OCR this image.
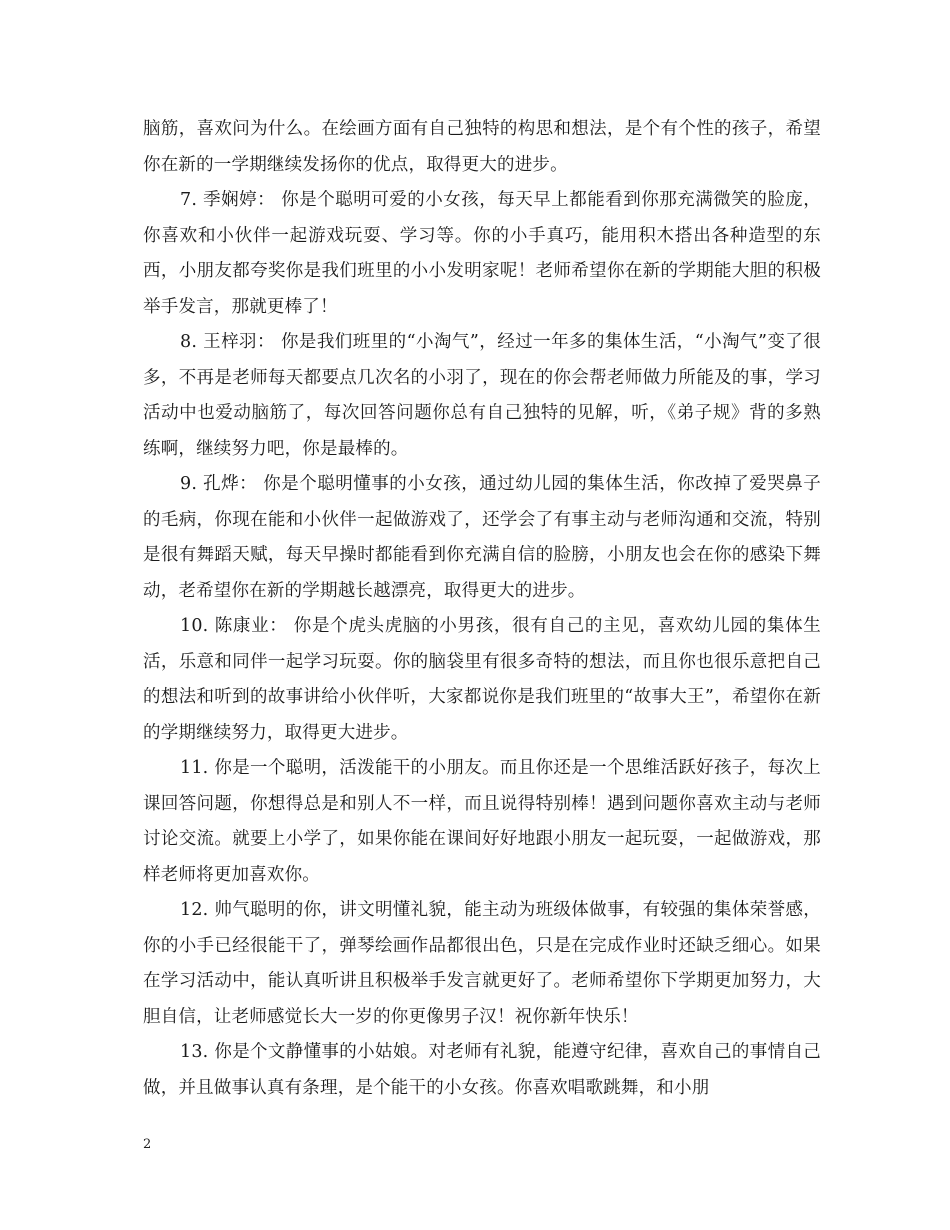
脑筋，喜欢问为什么。在绘画方面有自己独特的构思和想法，是个有个性的孩子，希望你在新的一学期继续发扬你的优点，取得更大的进步。

7. 季娴婷： 你是个聪明可爱的小女孩，每天早上都能看到你那充满微笑的脸庞，你喜欢和小伙伴一起游戏玩耍、学习等。你的小手真巧，能用积木搭出各种造型的东西，小朋友都夸奖你是我们班里的小小发明家呢！老师希望你在新的学期能大胆的积极举手发言，那就更棒了！

8. 王梓羽： 你是我们班里的“小淘气”，经过一年多的集体生活，“小淘气”变了很多，不再是老师每天都要点几次名的小羽了，现在的你会帮老师做力所能及的事，学习活动中也爱动脑筋了，每次回答问题你总有自己独特的见解，听，《弟子规》背的多熟练啊，继续努力吧，你是最棒的。

9. 孔烨： 你是个聪明懂事的小女孩，通过幼儿园的集体生活，你改掉了爱哭鼻子的毛病，你现在能和小伙伴一起做游戏了，还学会了有事主动与老师沟通和交流，特别是很有舞蹈天赋，每天早操时都能看到你充满自信的脸膀，小朋友也会在你的感染下舞动，老希望你在新的学期越长越漂亮，取得更大的进步。

10. 陈康业： 你是个虎头虎脑的小男孩，很有自己的主见，喜欢幼儿园的集体生活，乐意和同伴一起学习玩耍。你的脑袋里有很多奇特的想法，而且你也很乐意把自己的想法和听到的故事讲给小伙伴听，大家都说你是我们班里的“故事大王”，希望你在新的学期继续努力，取得更大进步。

11. 你是一个聪明，活泼能干的小朋友。而且你还是一个思维活跃好孩子，每次上课回答问题，你想得总是和别人不一样，而且说得特别棒！遇到问题你喜欢主动与老师讨论交流。就要上小学了，如果你能在课间好好地跟小朋友一起玩耍，一起做游戏，那样老师将更加喜欢你。

12. 帅气聪明的你，讲文明懂礼貌，能主动为班级体做事，有较强的集体荣誉感，你的小手已经很能干了，弹琴绘画作品都很出色，只是在完成作业时还缺乏细心。如果在学习活动中，能认真听讲且积极举手发言就更好了。老师希望你下学期更加努力，大胆自信，让老师感觉长大一岁的你更像男子汉！祝你新年快乐！

13. 你是个文静懂事的小姑娘。对老师有礼貌，能遵守纪律，喜欢自己的事情自己做，并且做事认真有条理，是个能干的小女孩。你喜欢唱歌跳舞，和小朋

2
